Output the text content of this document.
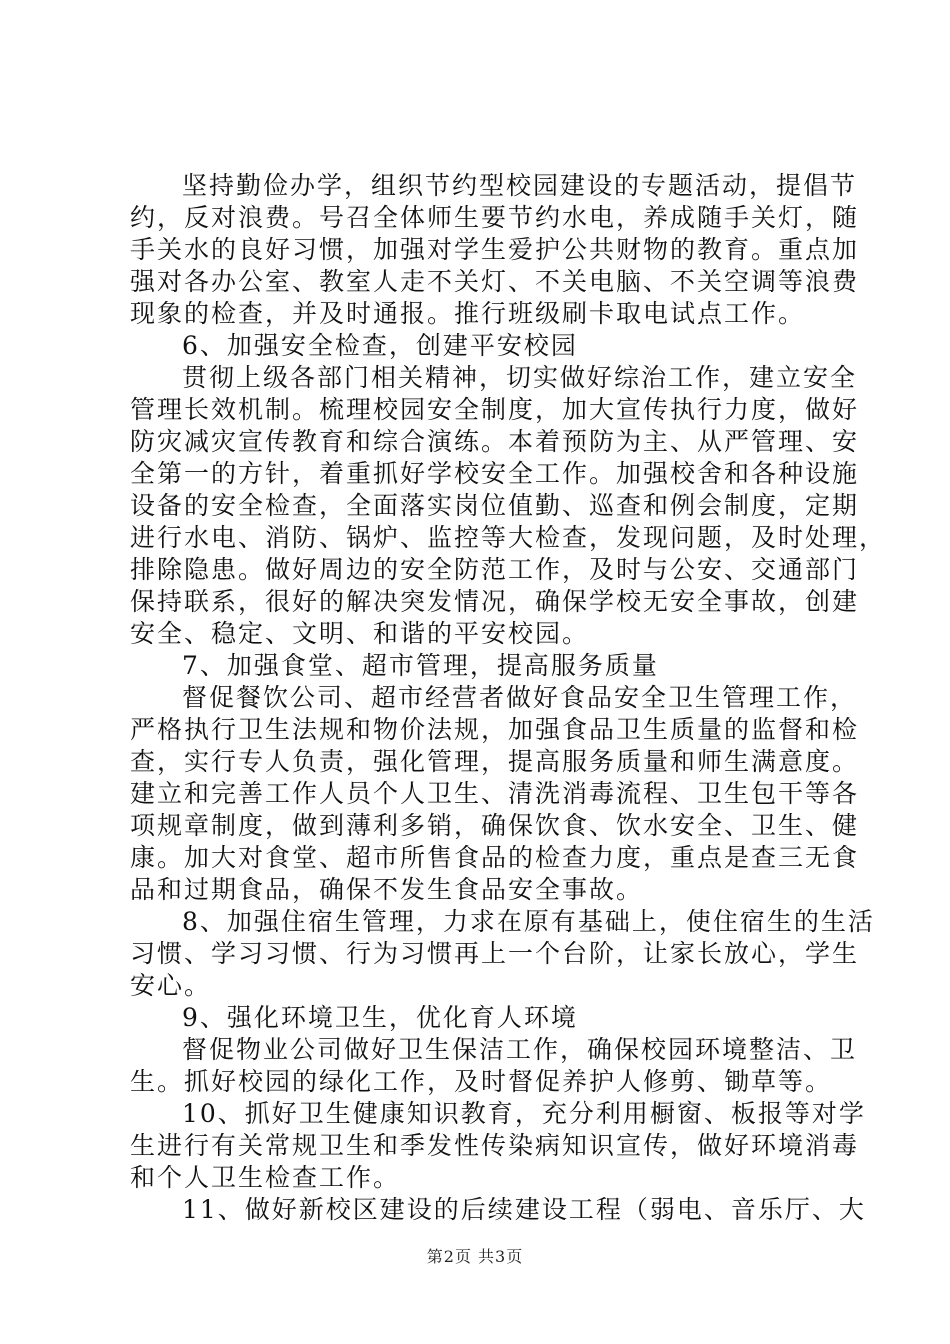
坚持勤俭办学，组织节约型校园建设的专题活动，提倡节
约，反对浪费。号召全体师生要节约水电，养成随手关灯，随
手关水的良好习惯，加强对学生爱护公共财物的教育。重点加
强对各办公室、教室人走不关灯、不关电脑、不关空调等浪费
现象的检查，并及时通报。推行班级刷卡取电试点工作。

6、加强安全检查，创建平安校园

贯彻上级各部门相关精神，切实做好综治工作，建立安全
管理长效机制。梳理校园安全制度，加大宣传执行力度，做好
防灾减灾宣传教育和综合演练。本着预防为主、从严管理、安
全第一的方针，着重抓好学校安全工作。加强校舍和各种设施
设备的安全检查，全面落实岗位值勤、巡查和例会制度，定期
进行水电、消防、锅炉、监控等大检查，发现问题，及时处理，
排除隐患。做好周边的安全防范工作，及时与公安、交通部门
保持联系，很好的解决突发情况，确保学校无安全事故，创建
安全、稳定、文明、和谐的平安校园。

7、加强食堂、超市管理，提高服务质量

督促餐饮公司、超市经营者做好食品安全卫生管理工作，
严格执行卫生法规和物价法规，加强食品卫生质量的监督和检
查，实行专人负责，强化管理，提高服务质量和师生满意度。
建立和完善工作人员个人卫生、清洗消毒流程、卫生包干等各
项规章制度，做到薄利多销，确保饮食、饮水安全、卫生、健
康。加大对食堂、超市所售食品的检查力度，重点是查三无食
品和过期食品，确保不发生食品安全事故。

8、加强住宿生管理，力求在原有基础上，使住宿生的生活
习惯、学习习惯、行为习惯再上一个台阶，让家长放心，学生
安心。

9、强化环境卫生，优化育人环境

督促物业公司做好卫生保洁工作，确保校园环境整洁、卫
生。抓好校园的绿化工作，及时督促养护人修剪、锄草等。

10、抓好卫生健康知识教育，充分利用橱窗、板报等对学
生进行有关常规卫生和季发性传染病知识宣传，做好环境消毒
和个人卫生检查工作。

11、做好新校区建设的后续建设工程（弱电、音乐厅、大

第2页 共3页
